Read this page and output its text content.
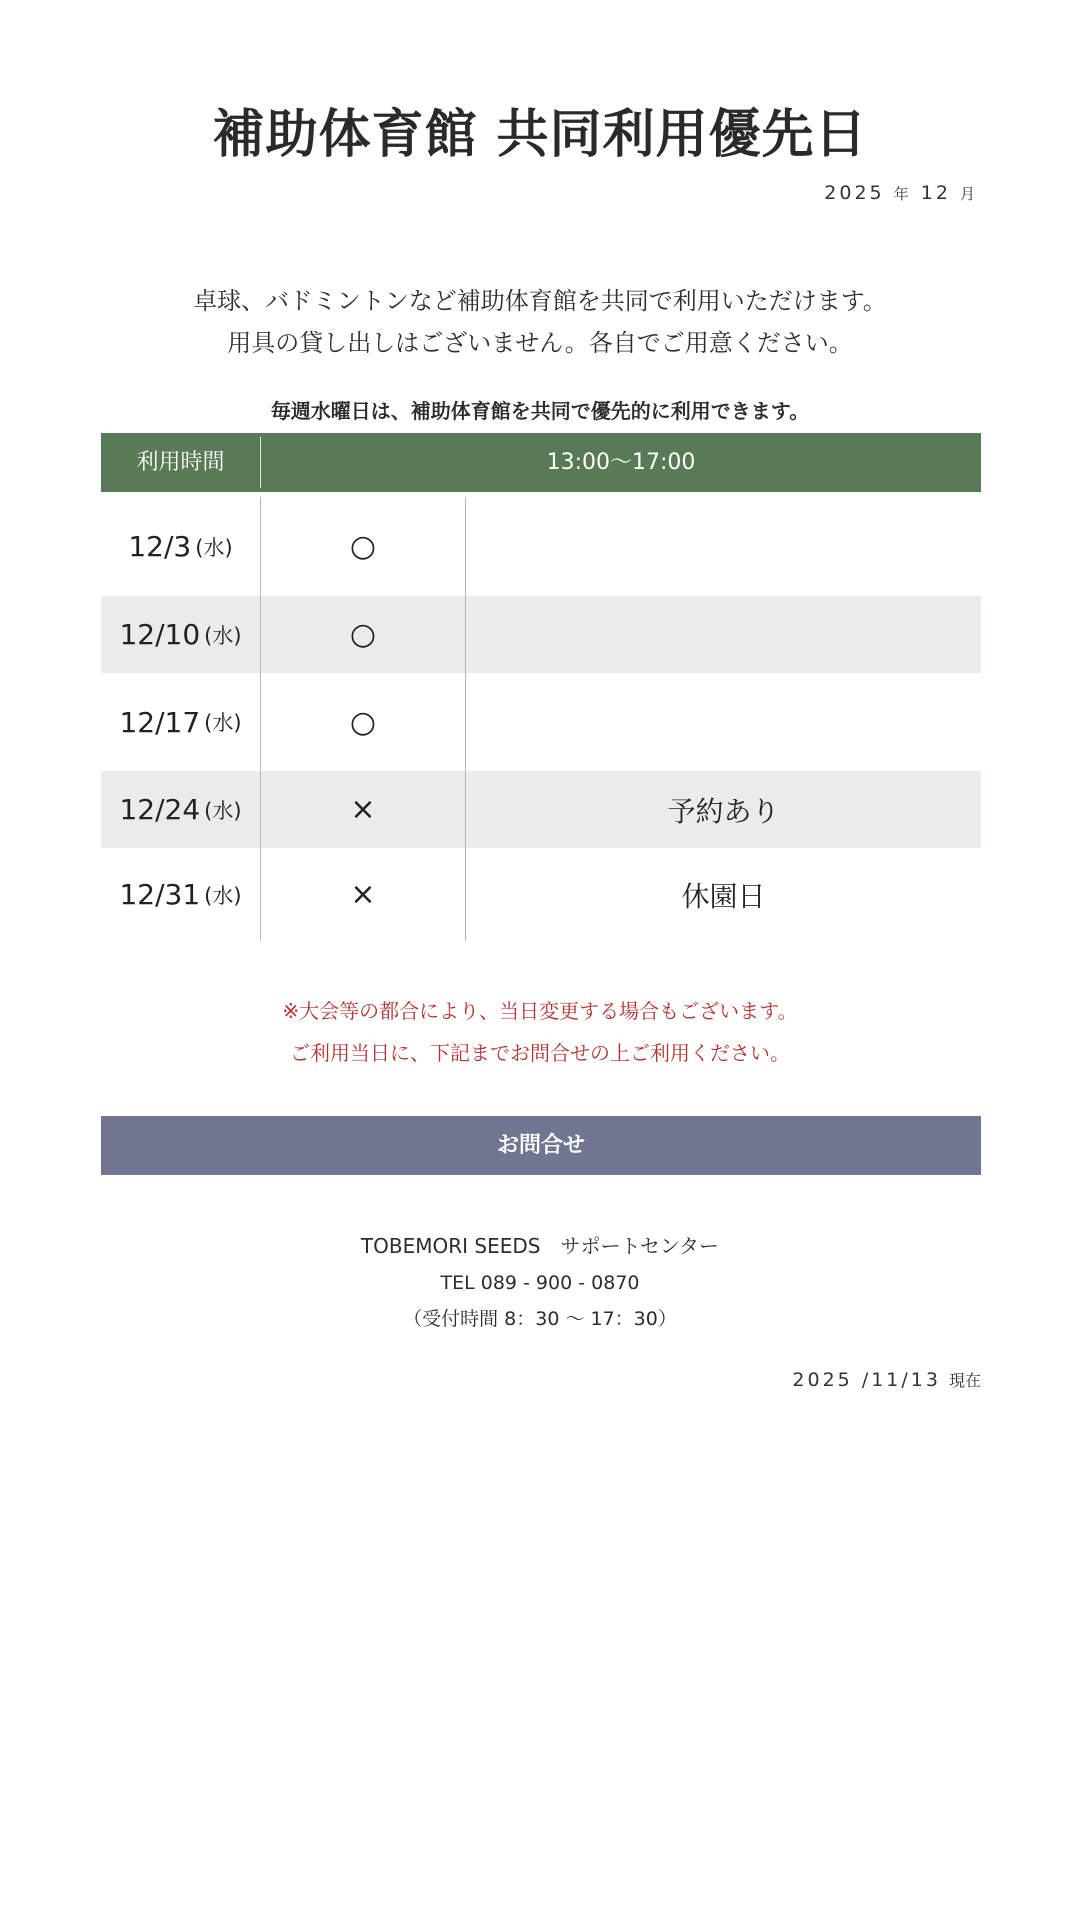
補助体育館 共同利用優先日
2025 年 12 月
卓球、バドミントンなど補助体育館を共同で利用いただけます。
用具の貸し出しはございません。各自でご用意ください。
毎週水曜日は、補助体育館を共同で優先的に利用できます。
利用時間	13:00〜17:00
12/3 (水)	○
12/10 (水)	○
12/17 (水)	○
12/24 (水)	×	予約あり
12/31 (水)	×	休園日
※大会等の都合により、当日変更する場合もございます。
ご利用当日に、下記までお問合せの上ご利用ください。
お問合せ
TOBEMORI SEEDS　サポートセンター
TEL 089 - 900 - 0870
（受付時間 8：30 〜 17：30）
2025 /11/13 現在
